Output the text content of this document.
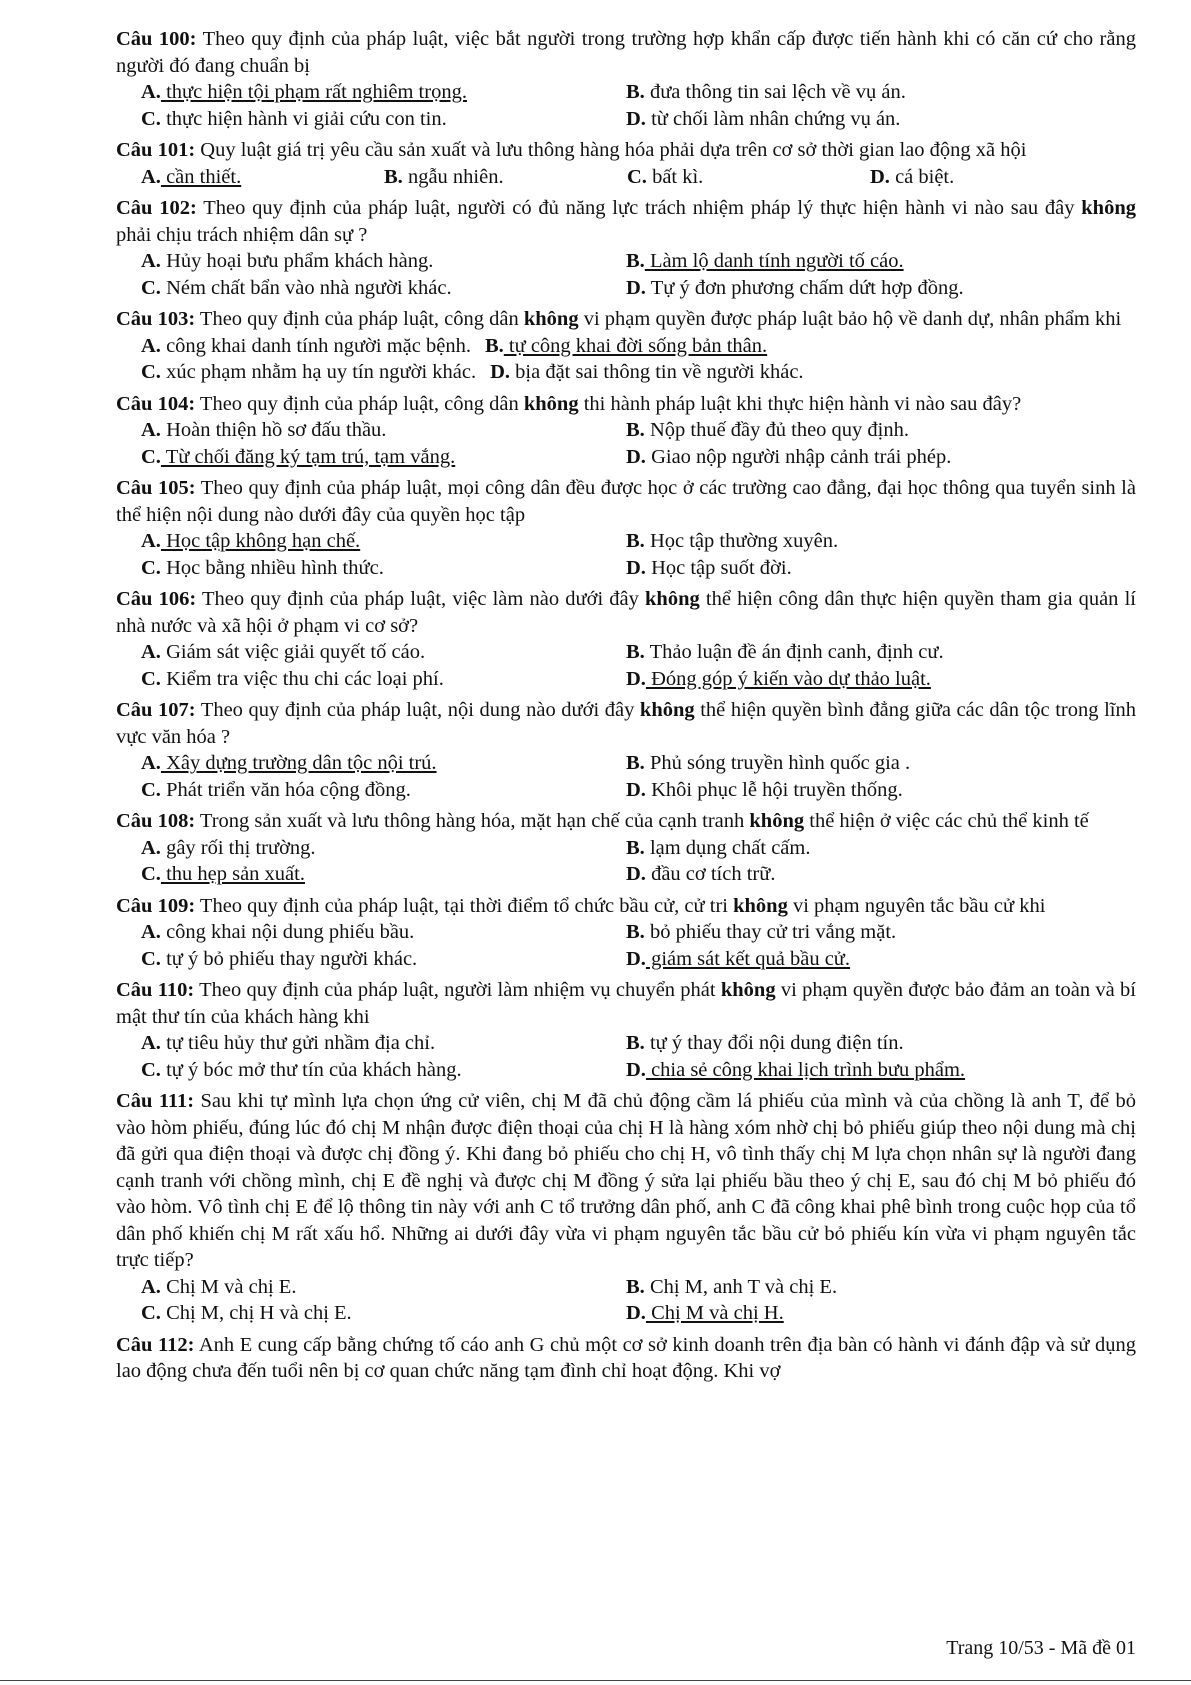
Câu 100: Theo quy định của pháp luật, việc bắt người trong trường hợp khẩn cấp được tiến hành khi có căn cứ cho rằng người đó đang chuẩn bị

A. thực hiện tội phạm rất nghiêm trọng.	B. đưa thông tin sai lệch về vụ án.
C. thực hiện hành vi giải cứu con tin.	D. từ chối làm nhân chứng vụ án.

Câu 101: Quy luật giá trị yêu cầu sản xuất và lưu thông hàng hóa phải dựa trên cơ sở thời gian lao động xã hội

A. cần thiết.	B. ngẫu nhiên.	C. bất kì.	D. cá biệt.

Câu 102: Theo quy định của pháp luật, người có đủ năng lực trách nhiệm pháp lý thực hiện hành vi nào sau đây không phải chịu trách nhiệm dân sự ?

A. Hủy hoại bưu phẩm khách hàng.	B. Làm lộ danh tính người tố cáo.
C. Ném chất bẩn vào nhà người khác.	D. Tự ý đơn phương chấm dứt hợp đồng.

Câu 103: Theo quy định của pháp luật, công dân không vi phạm quyền được pháp luật bảo hộ về danh dự, nhân phẩm khi

A. công khai danh tính người mặc bệnh. B. tự công khai đời sống bản thân.
C. xúc phạm nhằm hạ uy tín người khác. D. bịa đặt sai thông tin về người khác.

Câu 104: Theo quy định của pháp luật, công dân không thi hành pháp luật khi thực hiện hành vi nào sau đây?

A. Hoàn thiện hồ sơ đấu thầu.	B. Nộp thuế đầy đủ theo quy định.
C. Từ chối đăng ký tạm trú, tạm vắng.	D. Giao nộp người nhập cảnh trái phép.

Câu 105: Theo quy định của pháp luật, mọi công dân đều được học ở các trường cao đẳng, đại học thông qua tuyển sinh là thể hiện nội dung nào dưới đây của quyền học tập

A. Học tập không hạn chế.	B. Học tập thường xuyên.
C. Học bằng nhiều hình thức.	D. Học tập suốt đời.

Câu 106: Theo quy định của pháp luật, việc làm nào dưới đây không thể hiện công dân thực hiện quyền tham gia quản lí nhà nước và xã hội ở phạm vi cơ sở?

A. Giám sát việc giải quyết tố cáo.	B. Thảo luận đề án định canh, định cư.
C. Kiểm tra việc thu chi các loại phí.	D. Đóng góp ý kiến vào dự thảo luật.

Câu 107: Theo quy định của pháp luật, nội dung nào dưới đây không thể hiện quyền bình đẳng giữa các dân tộc trong lĩnh vực văn hóa ?

A. Xây dựng trường dân tộc nội trú.	B. Phủ sóng truyền hình quốc gia .
C. Phát triển văn hóa cộng đồng.	D. Khôi phục lễ hội truyền thống.

Câu 108: Trong sản xuất và lưu thông hàng hóa, mặt hạn chế của cạnh tranh không thể hiện ở việc các chủ thể kinh tế

A. gây rối thị trường.	B. lạm dụng chất cấm.
C. thu hẹp sản xuất.	D. đầu cơ tích trữ.

Câu 109: Theo quy định của pháp luật, tại thời điểm tổ chức bầu cử, cử tri không vi phạm nguyên tắc bầu cử khi

A. công khai nội dung phiếu bầu.	B. bỏ phiếu thay cử tri vắng mặt.
C. tự ý bỏ phiếu thay người khác.	D. giám sát kết quả bầu cử.

Câu 110: Theo quy định của pháp luật, người làm nhiệm vụ chuyển phát không vi phạm quyền được bảo đảm an toàn và bí mật thư tín của khách hàng khi

A. tự tiêu hủy thư gửi nhầm địa chỉ.	B. tự ý thay đổi nội dung điện tín.
C. tự ý bóc mở thư tín của khách hàng.	D. chia sẻ công khai lịch trình bưu phẩm.

Câu 111: Sau khi tự mình lựa chọn ứng cử viên, chị M đã chủ động cầm lá phiếu của mình và của chồng là anh T, để bỏ vào hòm phiếu, đúng lúc đó chị M nhận được điện thoại của chị H là hàng xóm nhờ chị bỏ phiếu giúp theo nội dung mà chị đã gửi qua điện thoại và được chị đồng ý. Khi đang bỏ phiếu cho chị H, vô tình thấy chị M lựa chọn nhân sự là người đang cạnh tranh với chồng mình, chị E đề nghị và được chị M đồng ý sửa lại phiếu bầu theo ý chị E, sau đó chị M bỏ phiếu đó vào hòm. Vô tình chị E để lộ thông tin này với anh C tổ trưởng dân phố, anh C đã công khai phê bình trong cuộc họp của tổ dân phố khiến chị M rất xấu hổ. Những ai dưới đây vừa vi phạm nguyên tắc bầu cử bỏ phiếu kín vừa vi phạm nguyên tắc trực tiếp?

A. Chị M và chị E.	B. Chị M, anh T và chị E.
C. Chị M, chị H và chị E.	D. Chị M và chị H.

Câu 112: Anh E cung cấp bằng chứng tố cáo anh G chủ một cơ sở kinh doanh trên địa bàn có hành vi đánh đập và sử dụng lao động chưa đến tuổi nên bị cơ quan chức năng tạm đình chỉ hoạt động. Khi vợ

Trang 10/53 - Mã đề 01
